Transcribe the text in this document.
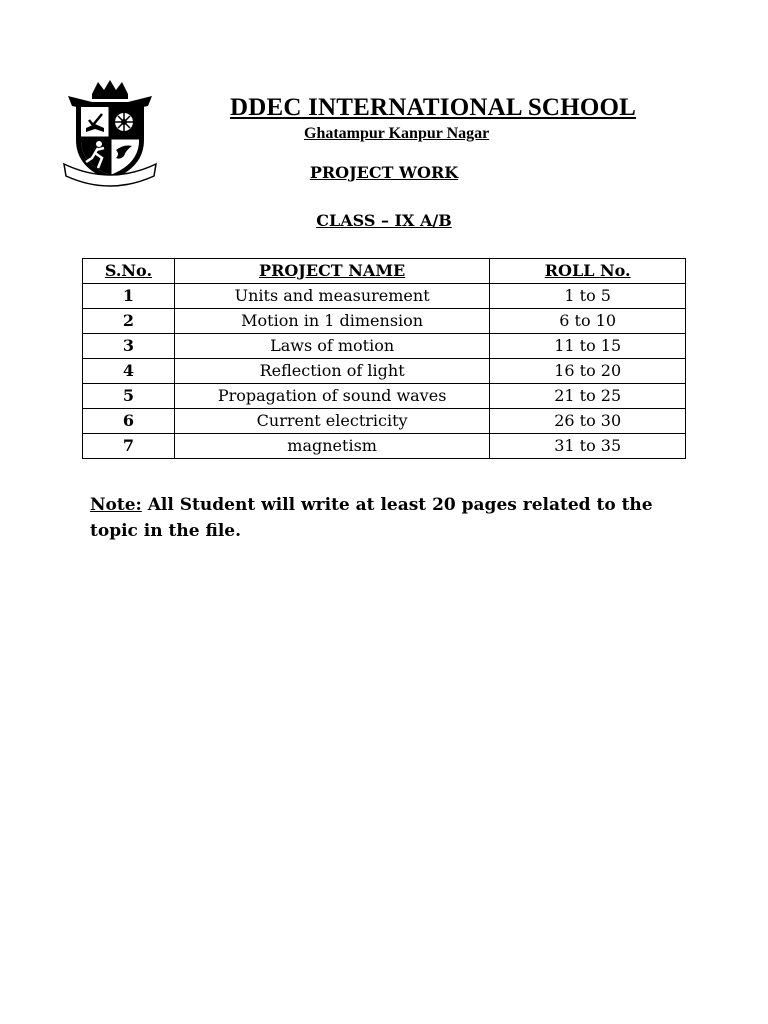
DDEC INTERNATIONAL SCHOOL
Ghatampur Kanpur Nagar
PROJECT WORK
CLASS – IX A/B
S.No.	PROJECT NAME	ROLL No.
1	Units and measurement	1 to 5
2	Motion in 1 dimension	6 to 10
3	Laws of motion	11 to 15
4	Reflection of light	16 to 20
5	Propagation of sound waves	21 to 25
6	Current electricity	26 to 30
7	magnetism	31 to 35
Note: All Student will write at least 20 pages related to the topic in the file.
